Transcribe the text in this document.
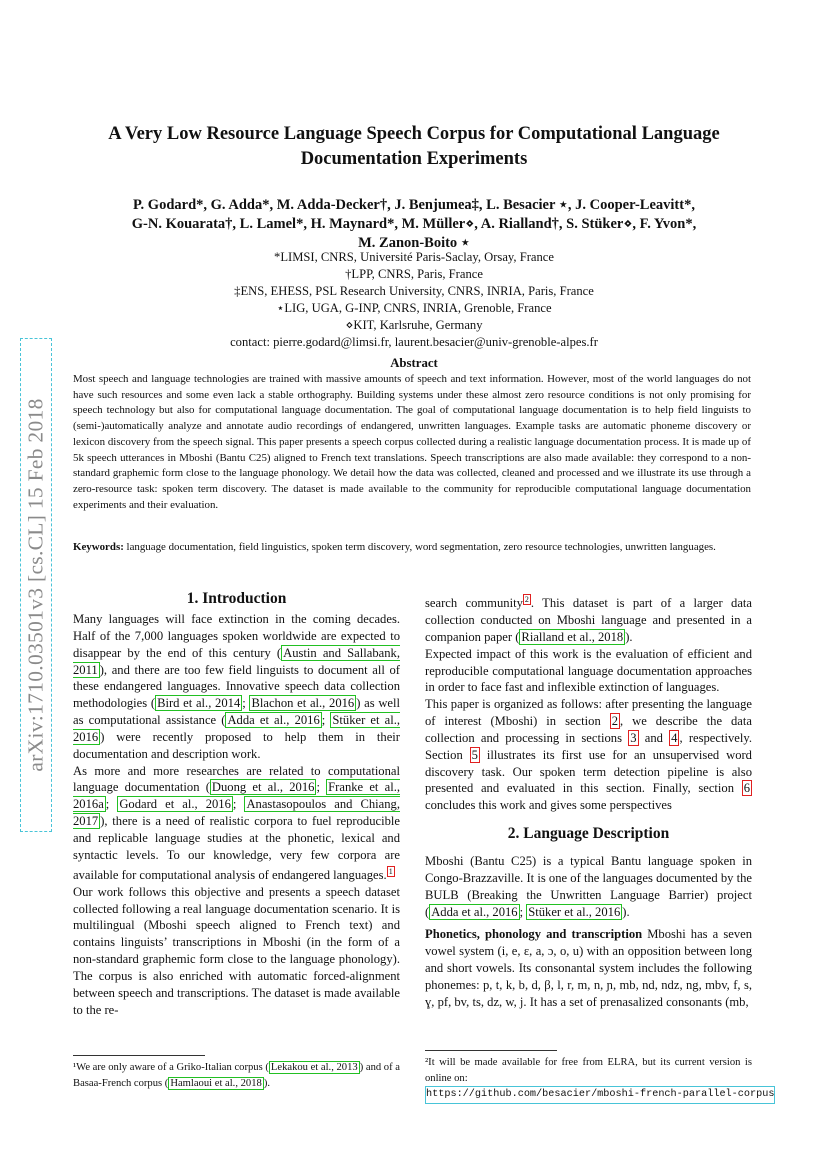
arXiv:1710.03501v3 [cs.CL] 15 Feb 2018
A Very Low Resource Language Speech Corpus for Computational Language
Documentation Experiments
P. Godard*, G. Adda*, M. Adda-Decker†, J. Benjumea‡, L. Besacier ⋆, J. Cooper-Leavitt*,
G-N. Kouarata†, L. Lamel*, H. Maynard*, M. Müller⋄, A. Rialland†, S. Stüker⋄, F. Yvon*,
M. Zanon-Boito ⋆
*LIMSI, CNRS, Université Paris-Saclay, Orsay, France
†LPP, CNRS, Paris, France
‡ENS, EHESS, PSL Research University, CNRS, INRIA, Paris, France
⋆LIG, UGA, G-INP, CNRS, INRIA, Grenoble, France
⋄KIT, Karlsruhe, Germany
contact: pierre.godard@limsi.fr, laurent.besacier@univ-grenoble-alpes.fr
Abstract
Most speech and language technologies are trained with massive amounts of speech and text information. However, most of the world languages do not have such resources and some even lack a stable orthography. Building systems under these almost zero resource conditions is not only promising for speech technology but also for computational language documentation. The goal of computational language documentation is to help field linguists to (semi-)automatically analyze and annotate audio recordings of endangered, unwritten languages. Example tasks are automatic phoneme discovery or lexicon discovery from the speech signal. This paper presents a speech corpus collected during a realistic language documentation process. It is made up of 5k speech utterances in Mboshi (Bantu C25) aligned to French text translations. Speech transcriptions are also made available: they correspond to a non-standard graphemic form close to the language phonology. We detail how the data was collected, cleaned and processed and we illustrate its use through a zero-resource task: spoken term discovery. The dataset is made available to the community for reproducible computational language documentation experiments and their evaluation.
Keywords: language documentation, field linguistics, spoken term discovery, word segmentation, zero resource technologies, unwritten languages.
1. Introduction

Many languages will face extinction in the coming decades. Half of the 7,000 languages spoken worldwide are expected to disappear by the end of this century ( Austin and Sallabank, 2011 ), and there are too few field linguists to document all of these endangered languages. Innovative speech data collection methodologies ( Bird et al., 2014 ; Blachon et al., 2016 ) as well as computational assistance ( Adda et al., 2016 ; Stüker et al., 2016 ) were recently proposed to help them in their documentation and description work.

As more and more researches are related to computational language documentation ( Duong et al., 2016 ; Franke et al., 2016a ; Godard et al., 2016 ; Anastasopoulos and Chiang, 2017 ), there is a need of realistic corpora to fuel reproducible and replicable language studies at the phonetic, lexical and syntactic levels. To our knowledge, very few corpora are available for computational analysis of endangered languages. $^1$

Our work follows this objective and presents a speech dataset collected following a real language documentation scenario. It is multilingual (Mboshi speech aligned to French text) and contains linguists’ transcriptions in Mboshi (in the form of a non-standard graphemic form close to the language phonology). The corpus is also enriched with automatic forced-alignment between speech and transcriptions. The dataset is made available to the re-

¹We are only aware of a Griko-Italian corpus ( Lekakou et al., 2013 ) and of a Basaa-French corpus ( Hamlaoui et al., 2018 ).

search community $^2$ . This dataset is part of a larger data collection conducted on Mboshi language and presented in a companion paper ( Rialland et al., 2018 ).

Expected impact of this work is the evaluation of efficient and reproducible computational language documentation approaches in order to face fast and inflexible extinction of languages.

This paper is organized as follows: after presenting the language of interest (Mboshi) in section 2 , we describe the data collection and processing in sections 3 and 4 , respectively. Section 5 illustrates its first use for an unsupervised word discovery task. Our spoken term detection pipeline is also presented and evaluated in this section. Finally, section 6 concludes this work and gives some perspectives

2. Language Description

Mboshi (Bantu C25) is a typical Bantu language spoken in Congo-Brazzaville. It is one of the languages documented by the BULB (Breaking the Unwritten Language Barrier) project ( Adda et al., 2016 ; Stüker et al., 2016 ).

Phonetics, phonology and transcription Mboshi has a seven vowel system (i, e, ɛ, a, ɔ, o, u) with an opposition between long and short vowels. Its consonantal system includes the following phonemes: p, t, k, b, d, β, l, r, m, n, ɲ, mb, nd, ndz, ng, mbv, f, s, ɣ, pf, bv, ts, dz, w, j. It has a set of prenasalized consonants (mb,

²It will be made available for free from ELRA, but its current version is online on:
https://github.com/besacier/mboshi-french-parallel-corpus
